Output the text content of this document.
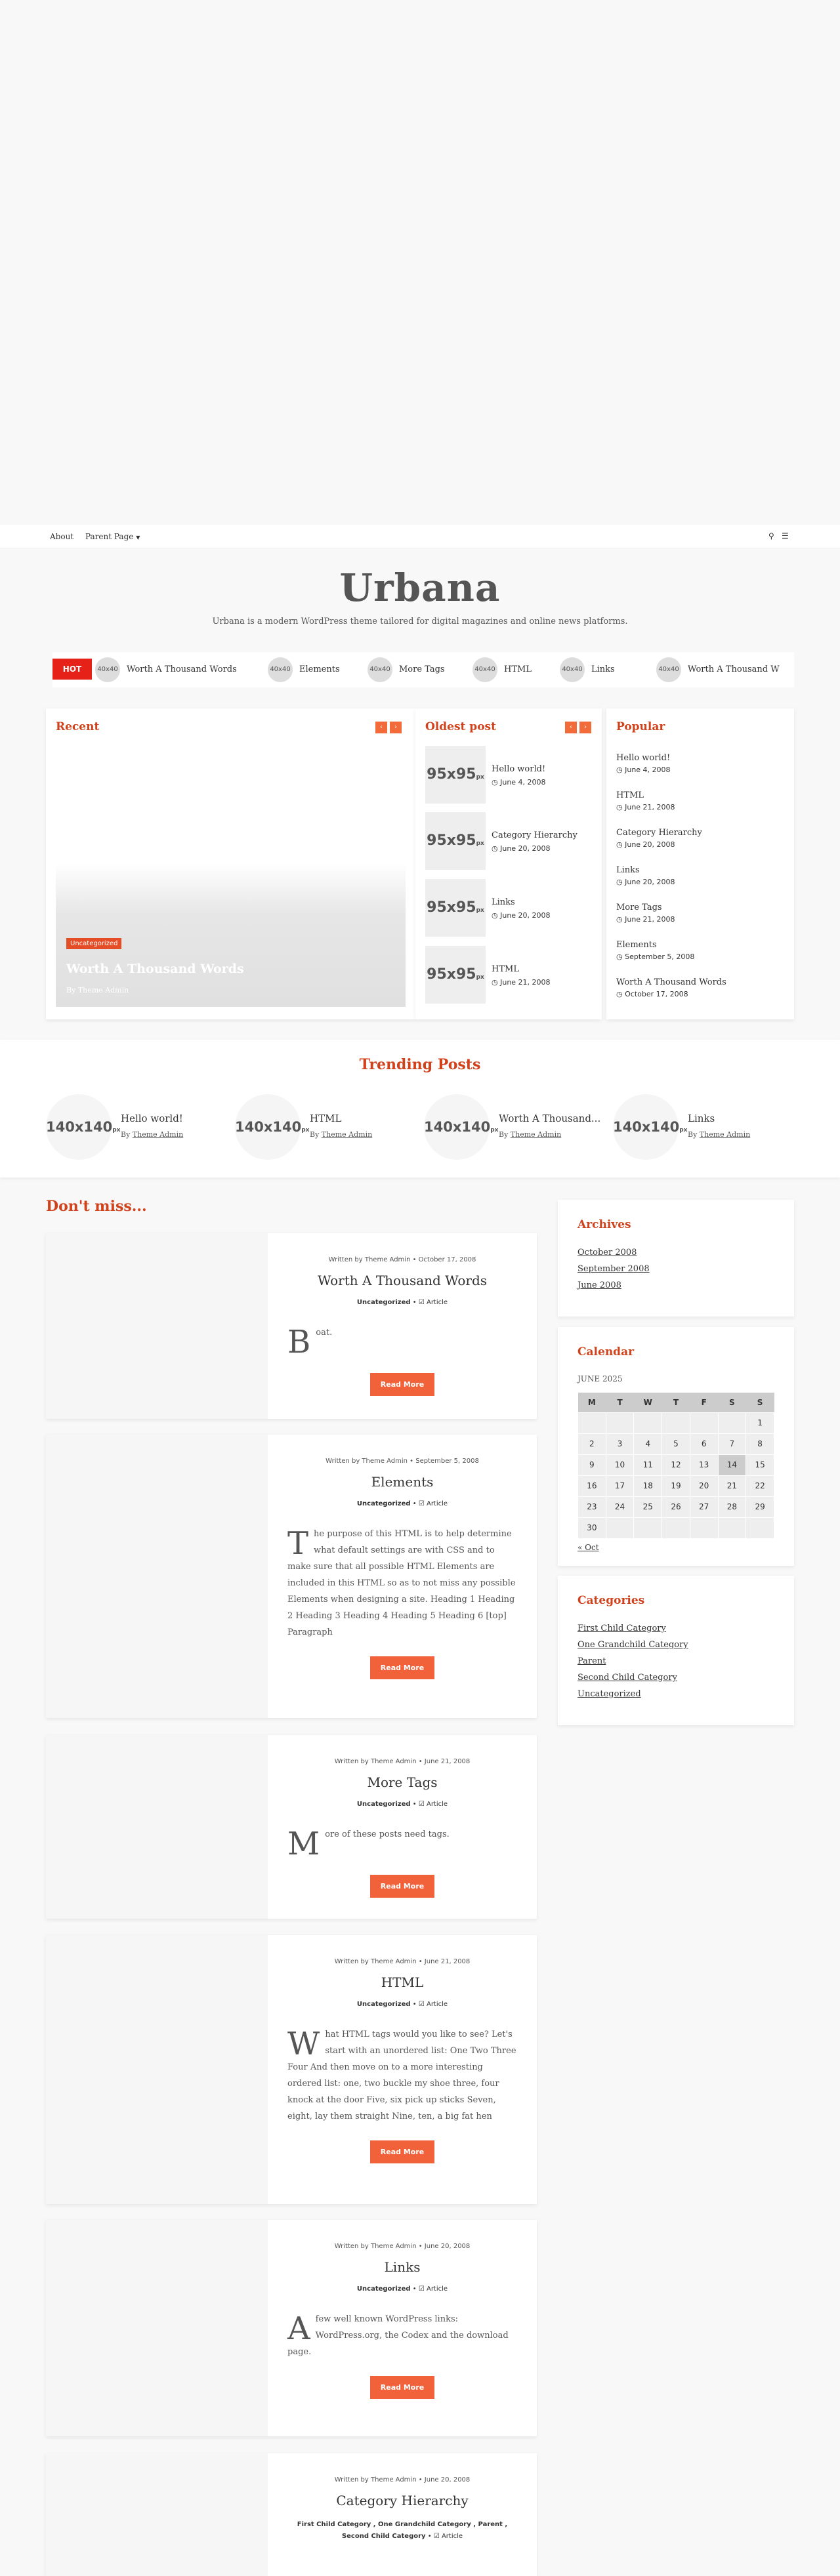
About Parent Page ▼	⚲ ☰
Urbana

Urbana is a modern WordPress theme tailored for digital magazines and online news platforms.

HOT	40x40 Worth A Thousand Words	40x40 Elements	40x40 More Tags	40x40 HTML	40x40 Links	40x40 Worth A Thousand W
Recent	‹	›
Uncategorized
Worth A Thousand Words
By Theme Admin
Oldest post	‹	›
95x95px
Hello world!
◷ June 4, 2008
95x95px
Category Hierarchy
◷ June 20, 2008
95x95px
Links
◷ June 20, 2008
95x95px
HTML
◷ June 21, 2008
Popular
Hello world!
◷ June 4, 2008
HTML
◷ June 21, 2008
Category Hierarchy
◷ June 20, 2008
Links
◷ June 20, 2008
More Tags
◷ June 21, 2008
Elements
◷ September 5, 2008
Worth A Thousand Words
◷ October 17, 2008
Trending Posts
140x140px
Hello world!
By Theme Admin	140x140px
HTML
By Theme Admin	140x140px
Worth A Thousand...
By Theme Admin	140x140px
Links
By Theme Admin
Don't miss...
Written by Theme Admin • October 17, 2008
Worth A Thousand Words
Uncategorized • ☑ Article
Boat.
Read More
Written by Theme Admin • September 5, 2008
Elements
Uncategorized • ☑ Article
The purpose of this HTML is to help determine what default settings are with CSS and to make sure that all possible HTML Elements are included in this HTML so as to not miss any possible Elements when designing a site. Heading 1 Heading 2 Heading 3 Heading 4 Heading 5 Heading 6 [top] Paragraph
Read More
Written by Theme Admin • June 21, 2008
More Tags
Uncategorized • ☑ Article
More of these posts need tags.
Read More
Written by Theme Admin • June 21, 2008
HTML
Uncategorized • ☑ Article
What HTML tags would you like to see? Let's start with an unordered list: One Two Three Four And then move on to a more interesting ordered list: one, two buckle my shoe three, four knock at the door Five, six pick up sticks Seven, eight, lay them straight Nine, ten, a big fat hen
Read More
Written by Theme Admin • June 20, 2008
Links
Uncategorized • ☑ Article
Afew well known WordPress links: WordPress.org, the Codex and the download page.
Read More
Written by Theme Admin • June 20, 2008
Category Hierarchy
First Child Category , One Grandchild Category , Parent , Second Child Category • ☑ Article
Archives
October 2008
September 2008
June 2008
Calendar
JUNE 2025
M	T	W	T	F	S	S
						1
2	3	4	5	6	7	8
9	10	11	12	13	14	15
16	17	18	19	20	21	22
23	24	25	26	27	28	29
30						
« Oct
Categories
First Child Category
One Grandchild Category
Parent
Second Child Category
Uncategorized
